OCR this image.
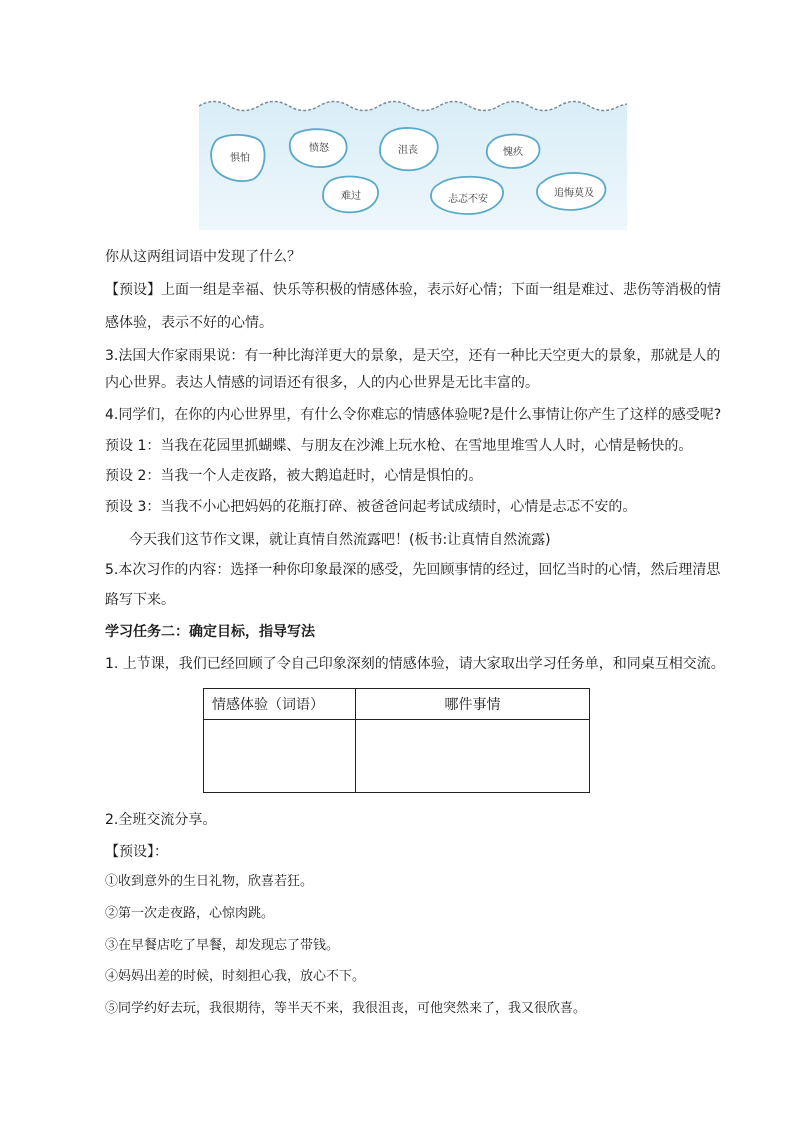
惧怕
愤怒	沮丧	愧疚
难过	忐忑不安
追悔莫及
你从这两组词语中发现了什么？
【预设】上面一组是幸福、快乐等积极的情感体验，表示好心情；下面一组是难过、悲伤等消极的情
感体验，表示不好的心情。
3.法国大作家雨果说：有一种比海洋更大的景象，是天空，还有一种比天空更大的景象，那就是人的
内心世界。表达人情感的词语还有很多，人的内心世界是无比丰富的。
4.同学们，在你的内心世界里，有什么令你难忘的情感体验呢?是什么事情让你产生了这样的感受呢?
预设 1：当我在花园里抓蝴蝶、与朋友在沙滩上玩水枪、在雪地里堆雪人人时，心情是畅快的。
预设 2：当我一个人走夜路，被大鹅追赶时，心情是惧怕的。
预设 3：当我不小心把妈妈的花瓶打碎、被爸爸问起考试成绩时，心情是忐忑不安的。
今天我们这节作文课，就让真情自然流露吧！(板书:让真情自然流露)
5.本次习作的内容：选择一种你印象最深的感受，先回顾事情的经过，回忆当时的心情，然后理清思
路写下来。
学习任务二：确定目标，指导写法
1. 上节课，我们已经回顾了令自己印象深刻的情感体验，请大家取出学习任务单，和同桌互相交流。
情感体验（词语）	哪件事情

2.全班交流分享。
【预设】：
①收到意外的生日礼物，欣喜若狂。
②第一次走夜路，心惊肉跳。
③在早餐店吃了早餐，却发现忘了带钱。
④妈妈出差的时候，时刻担心我，放心不下。
⑤同学约好去玩，我很期待，等半天不来，我很沮丧，可他突然来了，我又很欣喜。
